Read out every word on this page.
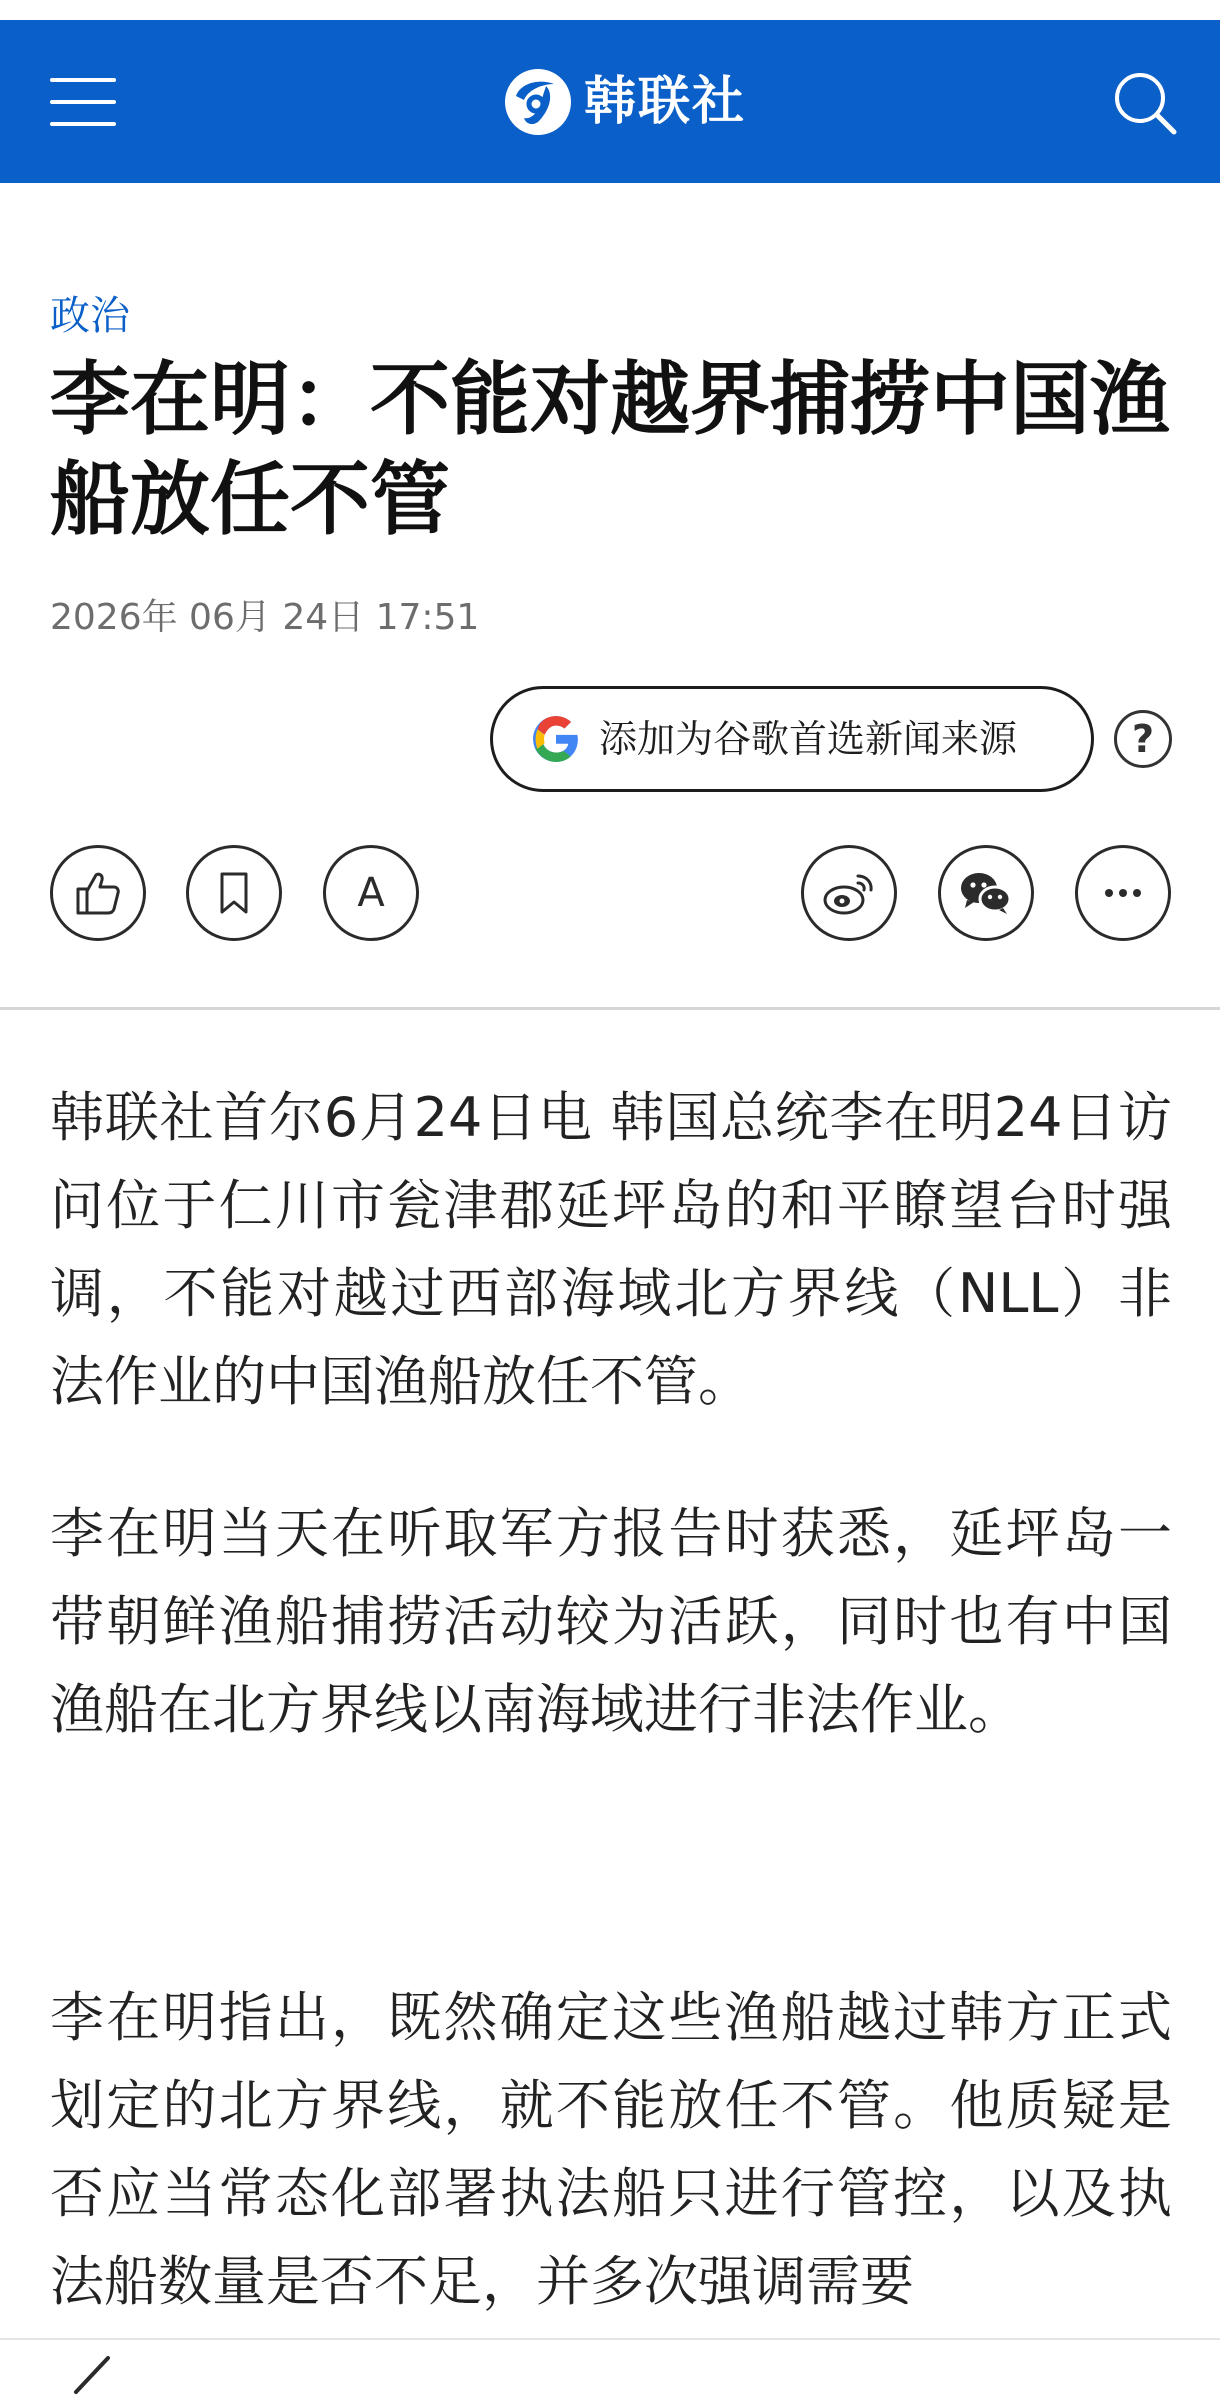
韩联社
政治
李在明：不能对越界捕捞中国渔船放任不管
2026年 06月 24日 17:51
添加为谷歌首选新闻来源	?
A

韩联社首尔6月24日电 韩国总统李在明24日访问位于仁川市瓮津郡延坪岛的和平瞭望台时强调，不能对越过西部海域北方界线（NLL）非法作业的中国渔船放任不管。

李在明当天在听取军方报告时获悉，延坪岛一带朝鲜渔船捕捞活动较为活跃，同时也有中国渔船在北方界线以南海域进行非法作业。

李在明指出，既然确定这些渔船越过韩方正式划定的北方界线，就不能放任不管。他质疑是否应当常态化部署执法船只进行管控，以及执法船数量是否不足，并多次强调需要
